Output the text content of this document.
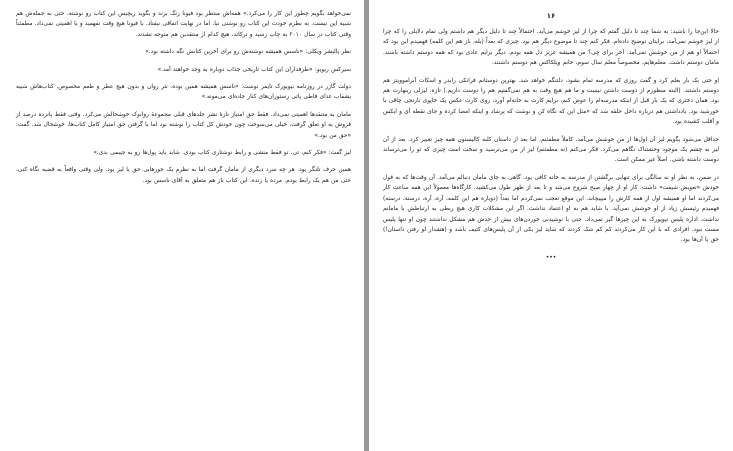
نمی‌خواهد بگویم چطور این کار را می‌کرد.» همه‌اش منتظر بود فیونا زنگ بزند و بگوید ریچیس این کتاب رو نوشته. حتی به جمله‌ش هم شبیه این نیست. به نظرم خودت این کتاب رو نوشتی نیا. اما در نهایت اتفاقی نیفتاد. با فیونا هیچ وقت نفهمید و یا اهمیتی نمی‌داد. مطمئناً وقتی کتاب در سال ۲۰۱۰ به چاپ رسید و ترکاند، هیچ کدام از منتقدین هم متوجه نشدند.

نظر پالیشر ویکلی: «ناسس همیشه نوشته‌ش رو برای آخرین کتابش نگه داشته بود.»

سیرکس ریویو: «طرفداران این کتاب تاریخی جذاب دوباره به وجد خواهند آمد.»

دولت گازر در روزنامه نیویورک تایمز نوشت: «ناسس همیشه همین بوده. نثر روان و بدون هیچ عطر و طعم مخصوص. کتاب‌هاش شبیه بشقاب غذای قاطی پاتی رستوران‌های کنار جاده‌ای می‌مونه.»

مامان به منتقدها اهمیتی نمی‌داد. فقط حق امتیاز تازهٔ نشر جلدهای قبلی مجموعهٔ روانوک خوشحالش می‌کرد. وقتی فقط پانزده درصد از فروش به او تعلق گرفت، خیلی می‌سوخت چون خودش کل کتاب را نوشته بود اما با گرفتن حق امتیاز کامل کتاب‌ها، خوشحال شد. گفت: «حق من بود.»

لیز گفت: «فکر کنم، تی، تو فقط منشی و رابط نوشتاری کتاب بودی. شاید باید پول‌ها رو به جیبمی بدی.»

همین حرف تلنگر بود. هر چه سرد دیگری از مامان گرفت اما به نظرم یک جورهایی حق با لیز بود. ولی وقتی واقعاً به قضیه نگاه کنی، حتی من هم یک رابط بودم. مرده یا زنده، این کتاب باز هم متعلق به آقای ناسس بود.

۱۶

حالا این‌جا را باشید: به شما چند تا دلیل گفتم که چرا از لیز خوشم می‌آید. احتمالاً چند تا دلیل دیگر هم داشتم ولی تمام دلایلی را که چرا از لیز خوشم نمی‌آمد، برایتان توضیح داده‌ام. فکر کنم چند تا موضوع دیگر هم بود. چیزی که بعداً (بله، باز هم این کلمه) فهمیدم این بود که احتمالاً او هم از من خوشش نمی‌آمد. آخر برای چی؟ من همیشه عزیز دل همه بودم. دیگر برایم عادی بود که همه دوستم داشته باشند. مامان دوستم داشت. معلم‌هایم، مخصوصاً معلم سال سوم، خانم ویلکاکس هم دوستم داشتند.

او حتی یک بار بغلم کرد و گفت روزی که مدرسه تمام بشود، دلتنگم خواهد شد. بهترین دوستانم فرانکی رایدر و اسکات آبراموویتز هم دوستم داشتند. (البته منظورم از دوست داشتن نیست و ما هم هیچ وقت به هم نمی‌گفتیم هم را دوست داریم.) تازه، لیزلی رینهارت هم بود. همان دختری که یک بار قبل از اینکه مدرسه‌ام را عوض کنم، برایم کارت به خانه‌ام آورد. روی کارت عکس یک خاپوی نارنجی چاقی با خورشید بود. یادداشتی هم درباره داخل حلقه شد که «مثل این که نگاه کن و نوشت که پرشاد و اینکه امضا کرده و جای نقطه‌ آی و ایکس و آقلب کشیده بود.

حداقل می‌شود بگویم لیز آن اول‌ها از من خوشش می‌آمد. کاملاً مطمئنم. اما بعد از داستان کلبه کالیستون همه چیز تغییر کرد. بعد از آن لیز نه چشم یک موجود وحشتناک نگاهم می‌کرد. فکر می‌کنم (نه مطمئنم) لیز از من می‌ترسید و سخت است چیزی که تو را می‌ترساند دوست داشته باشی. اصلاً غیر ممکن است.

در ضمن، به نظر او نه سالگی برای تنهایی برگشتن از مدرسه به خانه کافی بود. گاهی به جای مامان دنبالم می‌آمد. آن وقت‌ها که به قول خودش «تعویض شیفت» داشت. کار او از چهار صبح شروع می‌شد و تا بعد از ظهر طول می‌کشید. کارگاه‌ها معمولاً این همه ساعت کار می‌کردند اما او همیشه اول از همه کارش را میپیچاند. این موقع تعجب نمی‌کردم اما بعداً (دوباره هم این کلمه، آره، آره، درسته، درسته) فهمیدم رئیسش زیاد از او خوشش نمی‌آید. با شاید هم به او اعتماد نداشت. اگر این مشکلات کاری هیچ ربطی به ارتباطش با مامانم نداشت. اداره پلیس نیویورک به این چیزها گیر نمی‌داد. حتی با نوشیدنی خوردن‌های بیش از حدش هم مشکل نداشتند چون او تنها پلیس مست نبود. افرادی که با این کار می‌کردند کم کم شک کردند که شاید لیز یکی از آن پلیس‌های کثیف باشد و (هشدار لو رفتن داستان!) حق با آن‌ها بود.

•••
